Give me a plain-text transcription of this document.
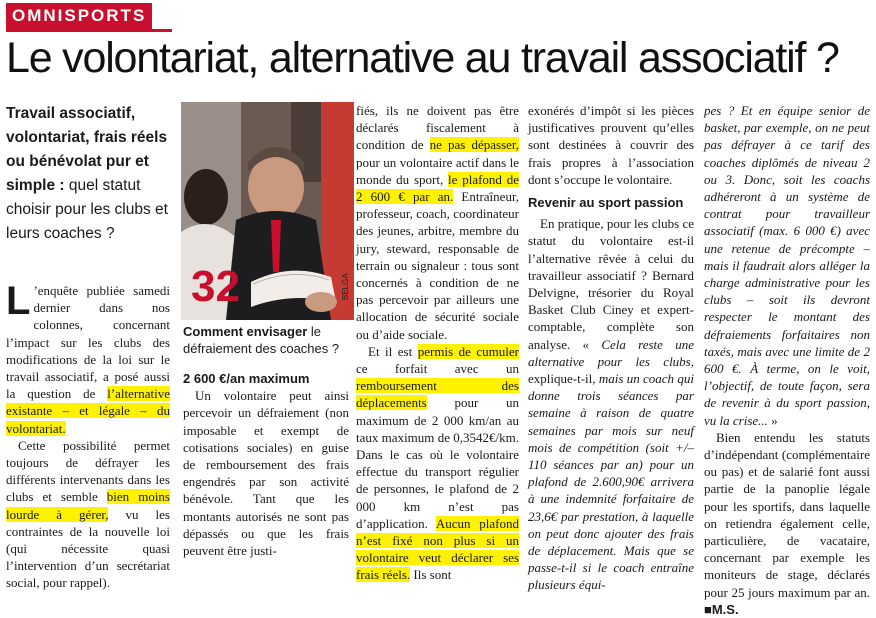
OMNISPORTS
Le volontariat, alternative au travail associatif ?
Travail associatif, volontariat, frais réels ou bénévolat pur et simple : quel statut choisir pour les clubs et leurs coaches ?

L ’enquête publiée samedi dernier dans nos colonnes, concernant l’impact sur les clubs des modifications de la loi sur le travail associatif, a posé aussi la question de l’alternative existante – et légale – du volontariat.

Cette possibilité permet toujours de défrayer les différents intervenants dans les clubs et semble bien moins lourde à gérer, vu les contraintes de la nouvelle loi (qui nécessite quasi l’intervention d’un secrétariat social, pour rappel).

32	BELGA
Comment envisager le défraiement des coaches ?

2 600 €/an maximum

Un volontaire peut ainsi percevoir un défraiement (non imposable et exempt de cotisations sociales) en guise de remboursement des frais engendrés par son activité bénévole. Tant que les montants autorisés ne sont pas dépassés ou que les frais peuvent être justi-

fiés, ils ne doivent pas être déclarés fiscalement à condition de ne pas dépasser, pour un volontaire actif dans le monde du sport, le plafond de 2 600 € par an. Entraîneur, professeur, coach, coordinateur des jeunes, arbitre, membre du jury, steward, responsable de terrain ou signaleur : tous sont concernés à condition de ne pas percevoir par ailleurs une allocation de sécurité sociale ou d’aide sociale.

Et il est permis de cumuler ce forfait avec un remboursement des déplacements pour un maximum de 2 000 km/an au taux maximum de 0,3542€/km. Dans le cas où le volontaire effectue du transport régulier de personnes, le plafond de 2 000 km n’est pas d’application. Aucun plafond n’est fixé non plus si un volontaire veut déclarer ses frais réels. Ils sont

exonérés d’impôt si les pièces justificatives prouvent qu’elles sont destinées à couvrir des frais propres à l’association dont s’occupe le volontaire.

Revenir au sport passion

En pratique, pour les clubs ce statut du volontaire est-il l’alternative rêvée à celui du travailleur associatif ? Bernard Delvigne, trésorier du Royal Basket Club Ciney et expert-comptable, complète son analyse. « Cela reste une alternative pour les clubs, explique-t-il, mais un coach qui donne trois séances par semaine à raison de quatre semaines par mois sur neuf mois de compétition (soit +/– 110 séances par an) pour un plafond de 2.600,90€ arrivera à une indemnité forfaitaire de 23,6€ par prestation, à laquelle on peut donc ajouter des frais de déplacement. Mais que se passe-t-il si le coach entraîne plusieurs équi-

pes ? Et en équipe senior de basket, par exemple, on ne peut pas défrayer à ce tarif des coaches diplômés de niveau 2 ou 3. Donc, soit les coachs adhéreront à un système de contrat pour travailleur associatif (max. 6 000 €) avec une retenue de précompte – mais il faudrait alors alléger la charge administrative pour les clubs – soit ils devront respecter le montant des défraiements forfaitaires non taxés, mais avec une limite de 2 600 €. À terme, on le voit, l’objectif, de toute façon, sera de revenir à du sport passion, vu la crise... »

Bien entendu les statuts d’indépendant (complémentaire ou pas) et de salarié font aussi partie de la panoplie légale pour les sportifs, dans laquelle on retiendra également celle, particulière, de vacataire, concernant par exemple les moniteurs de stage, déclarés pour 25 jours maximum par an. ■M.S.
